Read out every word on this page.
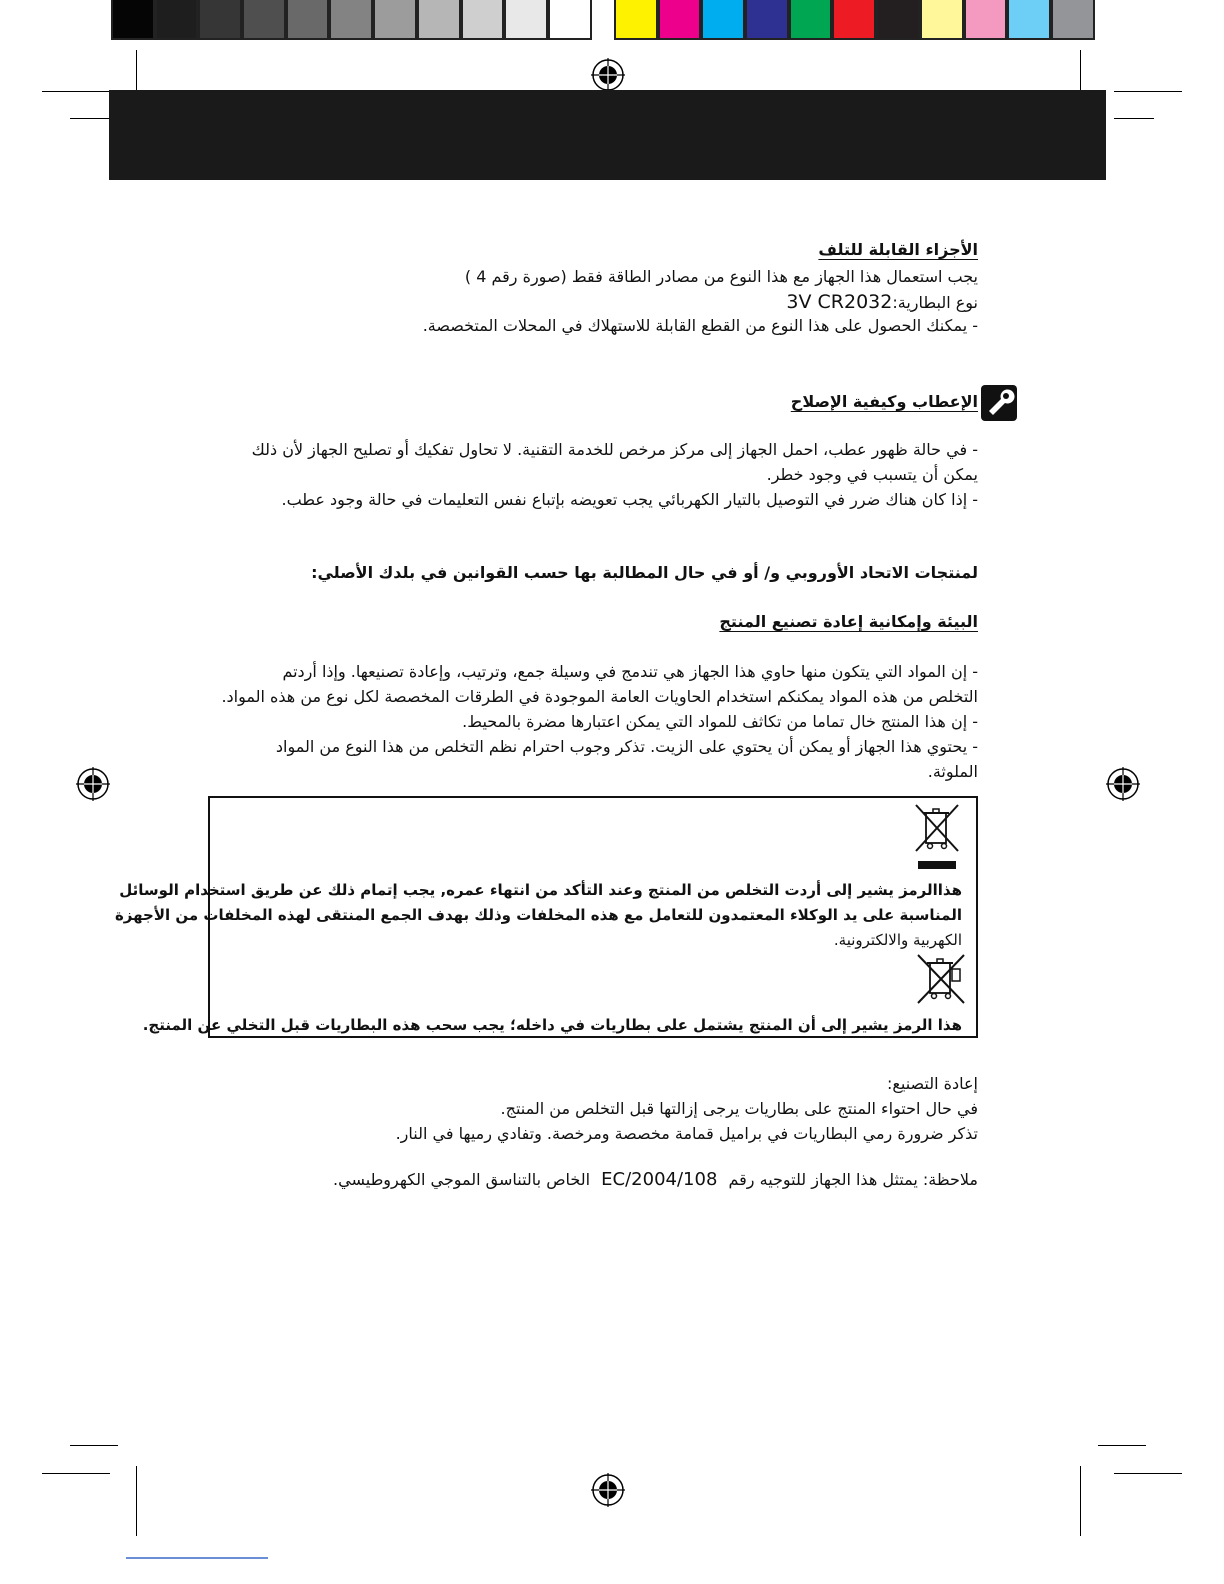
الأجزاء القابلة للتلف
يجب استعمال هذا الجهاز مع هذا النوع من مصادر الطاقة فقط (صورة رقم 4 )
نوع البطارية:3V CR2032
- يمكنك الحصول على هذا النوع من القطع القابلة للاستهلاك في المحلات المتخصصة.
الإعطاب وكيفية الإصلاح
- في حالة ظهور عطب، احمل الجهاز إلى مركز مرخص للخدمة التقنية. لا تحاول تفكيك أو تصليح الجهاز لأن ذلك
يمكن أن يتسبب في وجود خطر.
- إذا كان هناك ضرر في التوصيل بالتيار الكهربائي يجب تعويضه بإتباع نفس التعليمات في حالة وجود عطب.
لمنتجات الاتحاد الأوروبي و/ أو في حال المطالبة بها حسب القوانين في بلدك الأصلي:
البيئة وإمكانية إعادة تصنيع المنتج
- إن المواد التي يتكون منها حاوي هذا الجهاز هي تندمج في وسيلة جمع، وترتيب، وإعادة تصنيعها. وإذا أردتم
التخلص من هذه المواد يمكنكم استخدام الحاويات العامة الموجودة في الطرقات المخصصة لكل نوع من هذه المواد.
- إن هذا المنتج خال تماما من تكاثف للمواد التي يمكن اعتبارها مضرة بالمحيط.
- يحتوي هذا الجهاز أو يمكن أن يحتوي على الزيت. تذكر وجوب احترام نظم التخلص من هذا النوع من المواد
الملوثة.
هذاالرمز يشير إلى أردت التخلص من المنتج وعند التأكد من انتهاء عمره, يجب إتمام ذلك عن طريق استخدام الوسائل
المناسبة على يد الوكلاء المعتمدون للتعامل مع هذه المخلفات وذلك بهدف الجمع المنتقى لهذه المخلفات من الأجهزة
الكهربية والالكترونية.
هذا الرمز يشير إلى أن المنتج يشتمل على بطاريات في داخله؛ يجب سحب هذه البطاريات قبل التخلي عن المنتج.
إعادة التصنيع:
في حال احتواء المنتج على بطاريات يرجى إزالتها قبل التخلص من المنتج.
تذكر ضرورة رمي البطاريات في براميل قمامة مخصصة ومرخصة. وتفادي رميها في النار.
ملاحظة: يمتثل هذا الجهاز للتوجيه رقم EC/2004/108 الخاص بالتناسق الموجي الكهروطيسي.
